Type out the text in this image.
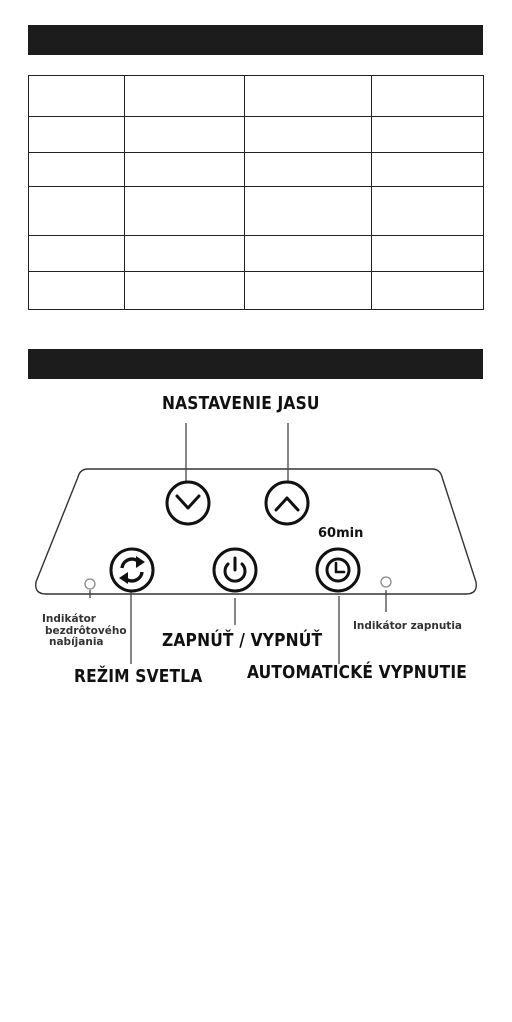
NASTAVENIE JASU
60min
ZAPNÚŤ / VYPNÚŤ
REŽIM SVETLA AUTOMATICKÉ VYPNUTIE
Indikátor
bezdrôtového
nabíjania
Indikátor zapnutia
